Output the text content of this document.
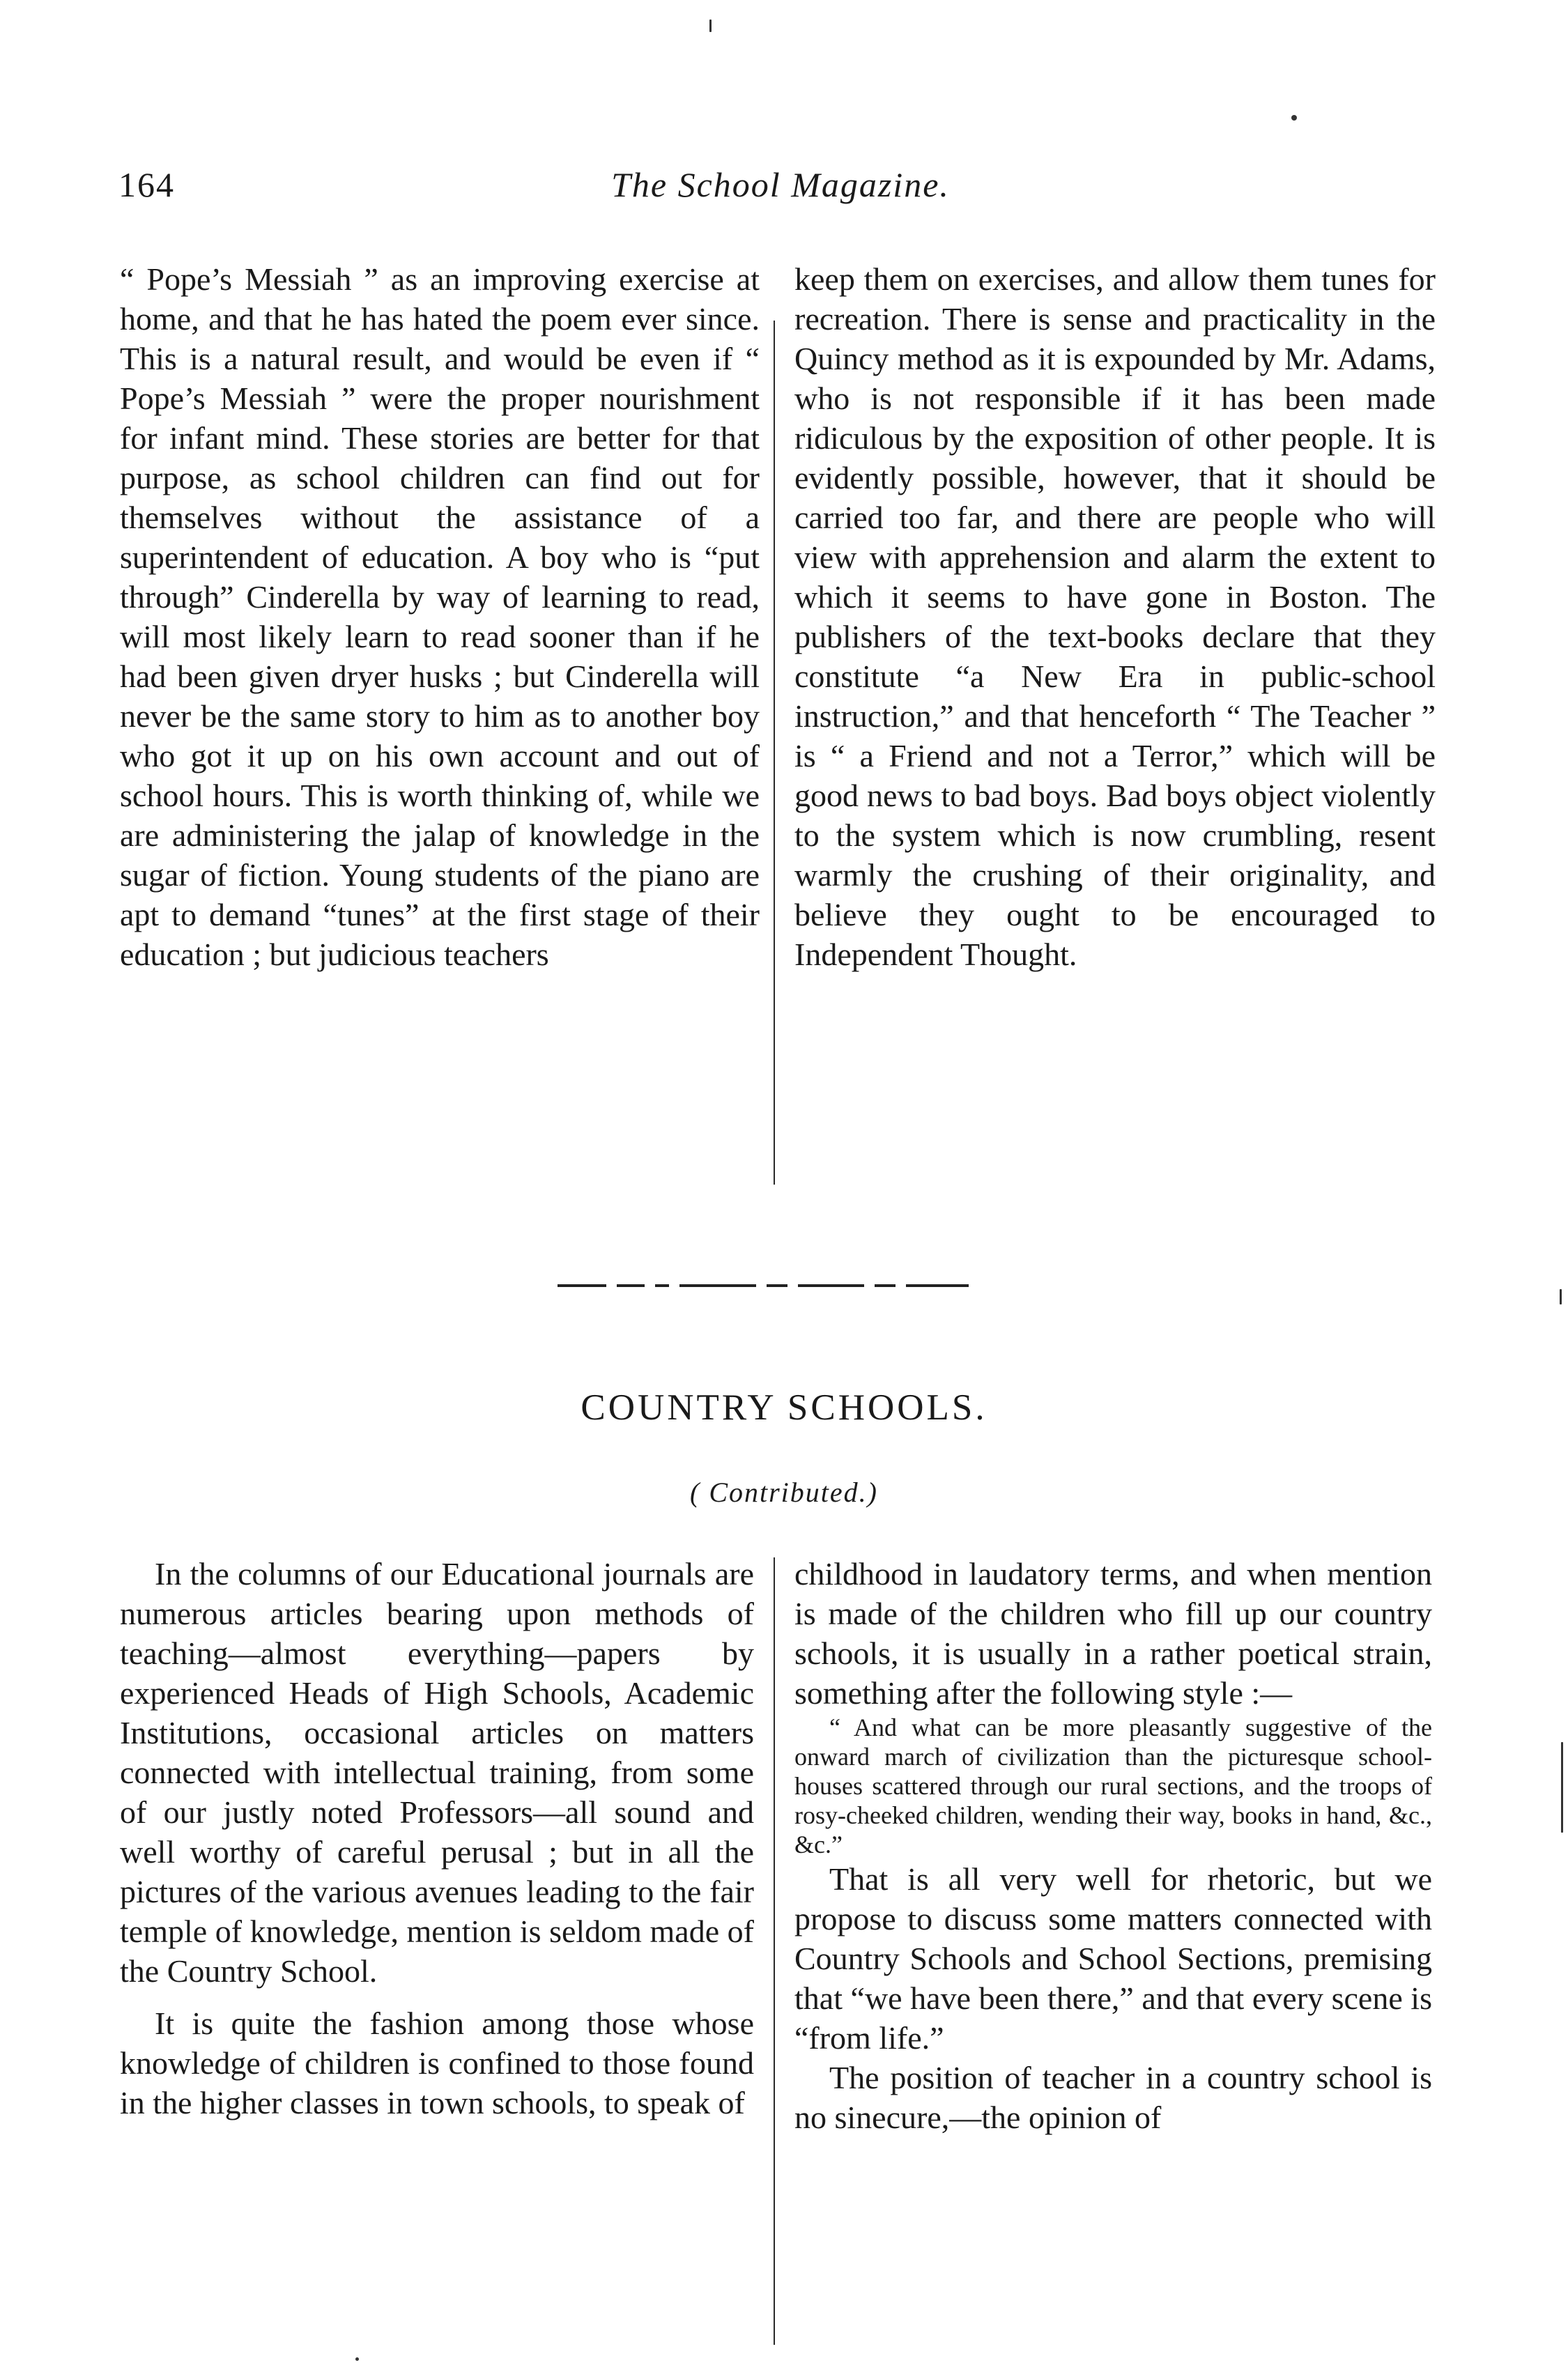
164	The School Magazine.

“ Pope’s Messiah ” as an improving exercise at home, and that he has hated the poem ever since. This is a natural result, and would be even if “ Pope’s Messiah ” were the proper nourishment for infant mind. These stories are better for that purpose, as school children can find out for themselves without the assistance of a superintendent of education. A boy who is “put through” Cinderella by way of learning to read, will most likely learn to read sooner than if he had been given dryer husks ; but Cinderella will never be the same story to him as to another boy who got it up on his own account and out of school hours. This is worth thinking of, while we are administering the jalap of knowledge in the sugar of fiction. Young students of the piano are apt to demand “tunes” at the first stage of their education ; but judicious teachers

keep them on exercises, and allow them tunes for recreation. There is sense and practicality in the Quincy method as it is expounded by Mr. Adams, who is not responsible if it has been made ridiculous by the exposition of other people. It is evidently possible, however, that it should be carried too far, and there are people who will view with apprehension and alarm the extent to which it seems to have gone in Boston. The publishers of the text-books declare that they constitute “a New Era in public-school instruction,” and that henceforth “ The Teacher ” is “ a Friend and not a Terror,” which will be good news to bad boys. Bad boys object violently to the system which is now crumbling, resent warmly the crushing of their originality, and believe they ought to be encouraged to Independent Thought.

COUNTRY SCHOOLS.
( Contributed.)

In the columns of our Educational journals are numerous articles bearing upon methods of teaching—almost everything—papers by experienced Heads of High Schools, Academic Institutions, occasional articles on matters connected with intellectual training, from some of our justly noted Professors—all sound and well worthy of careful perusal ; but in all the pictures of the various avenues leading to the fair temple of knowledge, mention is seldom made of the Country School.

It is quite the fashion among those whose knowledge of children is confined to those found in the higher classes in town schools, to speak of

childhood in laudatory terms, and when mention is made of the children who fill up our country schools, it is usually in a rather poetical strain, something after the following style :—

“ And what can be more pleasantly suggestive of the onward march of civilization than the picturesque school-houses scattered through our rural sections, and the troops of rosy-cheeked children, wending their way, books in hand, &c., &c.”

That is all very well for rhetoric, but we propose to discuss some matters connected with Country Schools and School Sections, premising that “we have been there,” and that every scene is “from life.”

The position of teacher in a country school is no sinecure,—the opinion of
